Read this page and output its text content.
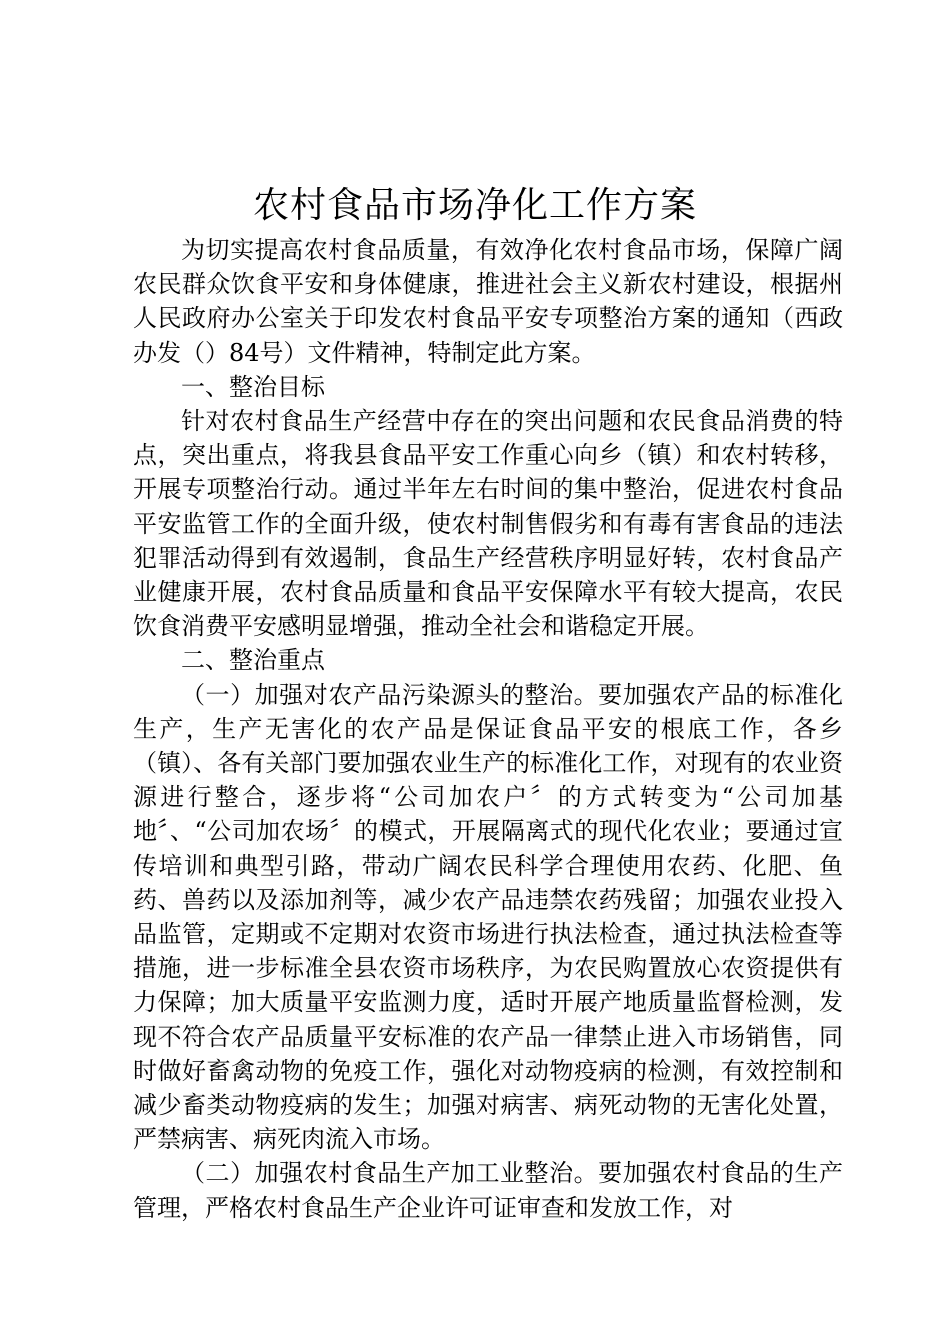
农村食品市场净化工作方案

为切实提高农村食品质量，有效净化农村食品市场，保障广阔农民群众饮食平安和身体健康，推进社会主义新农村建设，根据州人民政府办公室关于印发农村食品平安专项整治方案的通知（西政办发（）84号）文件精神，特制定此方案。

一、整治目标

针对农村食品生产经营中存在的突出问题和农民食品消费的特点，突出重点，将我县食品平安工作重心向乡（镇）和农村转移，开展专项整治行动。通过半年左右时间的集中整治，促进农村食品平安监管工作的全面升级，使农村制售假劣和有毒有害食品的违法犯罪活动得到有效遏制，食品生产经营秩序明显好转，农村食品产业健康开展，农村食品质量和食品平安保障水平有较大提高，农民饮食消费平安感明显增强，推动全社会和谐稳定开展。

二、整治重点

（一）加强对农产品污染源头的整治。要加强农产品的标准化生产，生产无害化的农产品是保证食品平安的根底工作，各乡（镇）、各有关部门要加强农业生产的标准化工作，对现有的农业资源进行整合，逐步将“公司加农户〞的方式转变为“公司加基地〞、“公司加农场〞的模式，开展隔离式的现代化农业；要通过宣传培训和典型引路，带动广阔农民科学合理使用农药、化肥、鱼药、兽药以及添加剂等，减少农产品违禁农药残留；加强农业投入品监管，定期或不定期对农资市场进行执法检查，通过执法检查等措施，进一步标准全县农资市场秩序，为农民购置放心农资提供有力保障；加大质量平安监测力度，适时开展产地质量监督检测，发现不符合农产品质量平安标准的农产品一律禁止进入市场销售，同时做好畜禽动物的免疫工作，强化对动物疫病的检测，有效控制和减少畜类动物疫病的发生；加强对病害、病死动物的无害化处置，严禁病害、病死肉流入市场。

（二）加强农村食品生产加工业整治。要加强农村食品的生产管理，严格农村食品生产企业许可证审查和发放工作，对
